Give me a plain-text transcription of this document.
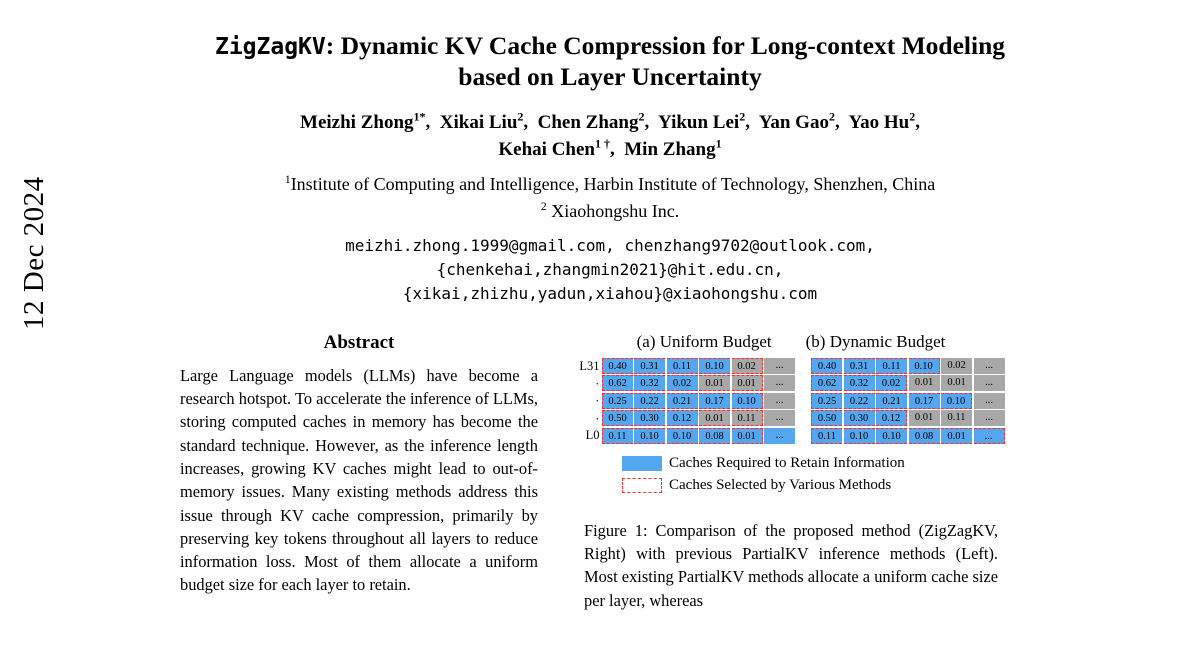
12 Dec 2024
ZigZagKV: Dynamic KV Cache Compression for Long-context Modeling
based on Layer Uncertainty
Meizhi Zhong$^{1*}$,  Xikai Liu$^2$,  Chen Zhang$^2$,  Yikun Lei$^2$,  Yan Gao$^2$,  Yao Hu$^2$,
Kehai Chen$^{1 \dagger}$,  Min Zhang$^1$
$^1$Institute of Computing and Intelligence, Harbin Institute of Technology, Shenzhen, China
$^2$ Xiaohongshu Inc.
meizhi.zhong.1999@gmail.com, chenzhang9702@outlook.com,
{chenkehai,zhangmin2021}@hit.edu.cn,
{xikai,zhizhu,yadun,xiahou}@xiaohongshu.com
Abstract
Large Language models (LLMs) have become a research hotspot. To accelerate the inference of LLMs, storing computed caches in memory has become the standard technique. However, as the inference length increases, growing KV caches might lead to out-of-memory issues. Many existing methods address this issue through KV cache compression, primarily by preserving key tokens throughout all layers to reduce information loss. Most of them allocate a uniform budget size for each layer to retain.
(a) Uniform Budget (b) Dynamic Budget
L31
·
·
·
L0
0.40	0.31	0.11	0.10	0.02	...
0.62	0.32	0.02	0.01	0.01	...
0.25	0.22	0.21	0.17	0.10	...
0.50	0.30	0.12	0.01	0.11	...
0.11	0.10	0.10	0.08	0.01	...
0.40	0.31	0.11	0.10	0.02	...
0.62	0.32	0.02	0.01	0.01	...
0.25	0.22	0.21	0.17	0.10	...
0.50	0.30	0.12	0.01	0.11	...
0.11	0.10	0.10	0.08	0.01	...
Caches Required to Retain Information
Caches Selected by Various Methods
Figure 1: Comparison of the proposed method (ZigZagKV, Right) with previous PartialKV inference methods (Left). Most existing PartialKV methods allocate a uniform cache size per layer, whereas
